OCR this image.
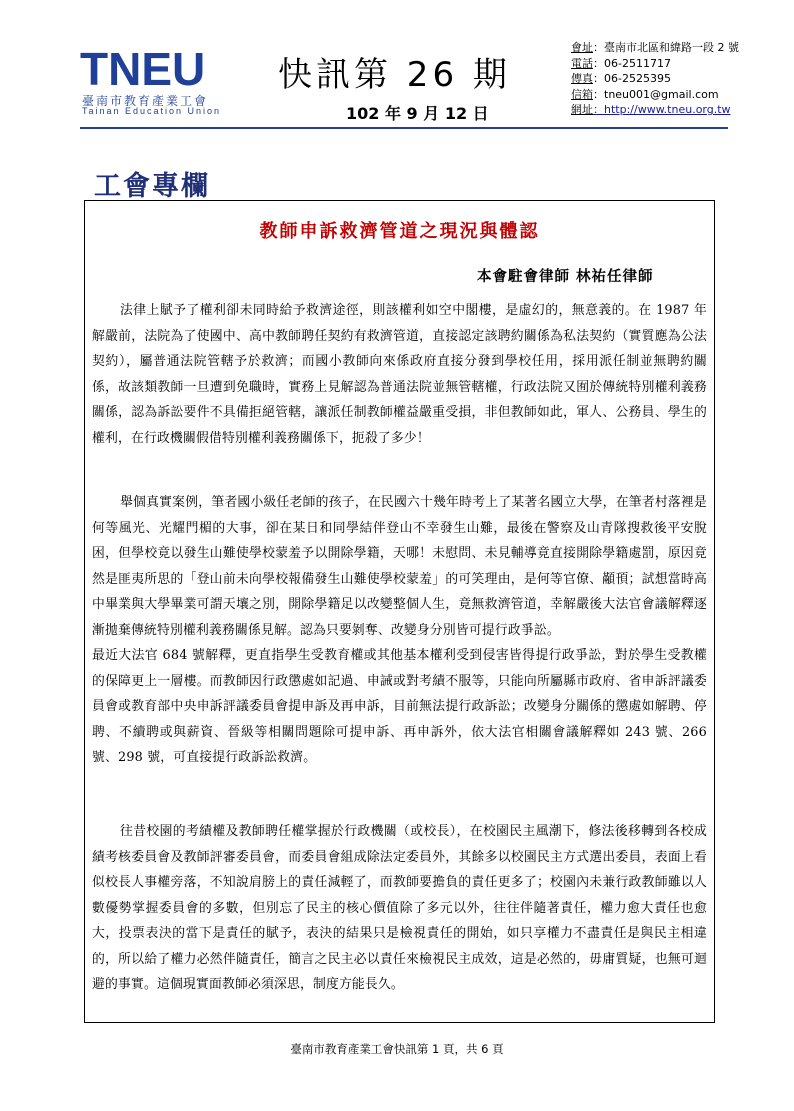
TNEU
臺南市教育產業工會
Tainan Education Union
快訊第 26 期
102 年 9 月 12 日
會址：臺南市北區和緯路一段 2 號
電話：06-2511717
傳真：06-2525395
信箱：tneu001@gmail.com
網址：http://www.tneu.org.tw
工會專欄
教師申訴救濟管道之現況與體認
本會駐會律師 林祐任律師

法律上賦予了權利卻未同時給予救濟途徑，則該權利如空中閣樓，是虛幻的，無意義的。在 1987 年解嚴前，法院為了使國中、高中教師聘任契約有救濟管道，直接認定該聘約關係為私法契約（實質應為公法契約），屬普通法院管轄予於救濟；而國小教師向來係政府直接分發到學校任用，採用派任制並無聘約關係，故該類教師一旦遭到免職時，實務上見解認為普通法院並無管轄權，行政法院又囿於傳統特別權利義務關係，認為訴訟要件不具備拒絕管轄，讓派任制教師權益嚴重受損，非但教師如此，軍人、公務員、學生的權利，在行政機關假借特別權利義務關係下，扼殺了多少！

舉個真實案例，筆者國小級任老師的孩子，在民國六十幾年時考上了某著名國立大學，在筆者村落裡是何等風光、光耀門楣的大事，卻在某日和同學結伴登山不幸發生山難，最後在警察及山青隊搜救後平安脫困，但學校竟以發生山難使學校蒙羞予以開除學籍，天哪！未慰問、未見輔導竟直接開除學籍處罰，原因竟然是匪夷所思的「登山前未向學校報備發生山難使學校蒙羞」的可笑理由，是何等官僚、顢頇；試想當時高中畢業與大學畢業可謂天壤之別，開除學籍足以改變整個人生，竟無救濟管道，幸解嚴後大法官會議解釋逐漸拋棄傳統特別權利義務關係見解。認為只要剝奪、改變身分別皆可提行政爭訟。

最近大法官 684 號解釋，更直指學生受教育權或其他基本權利受到侵害皆得提行政爭訟，對於學生受教權的保障更上一層樓。而教師因行政懲處如記過、申誡或對考績不服等，只能向所屬縣市政府、省申訴評議委員會或教育部中央申訴評議委員會提申訴及再申訴，目前無法提行政訴訟；改變身分關係的懲處如解聘、停聘、不續聘或與薪資、晉級等相關問題除可提申訴、再申訴外，依大法官相關會議解釋如 243 號、266 號、298 號，可直接提行政訴訟救濟。

往昔校園的考績權及教師聘任權掌握於行政機關（或校長），在校園民主風潮下，修法後移轉到各校成績考核委員會及教師評審委員會，而委員會組成除法定委員外，其餘多以校園民主方式選出委員，表面上看似校長人事權旁落，不知說肩膀上的責任減輕了，而教師要擔負的責任更多了；校園內未兼行政教師雖以人數優勢掌握委員會的多數，但別忘了民主的核心價值除了多元以外，往往伴隨著責任，權力愈大責任也愈大，投票表決的當下是責任的賦予，表決的結果只是檢視責任的開始，如只享權力不盡責任是與民主相違的，所以給了權力必然伴隨責任，簡言之民主必以責任來檢視民主成效，這是必然的，毋庸質疑，也無可迴避的事實。這個現實面教師必須深思，制度方能長久。

臺南市教育產業工會快訊第 1 頁，共 6 頁
